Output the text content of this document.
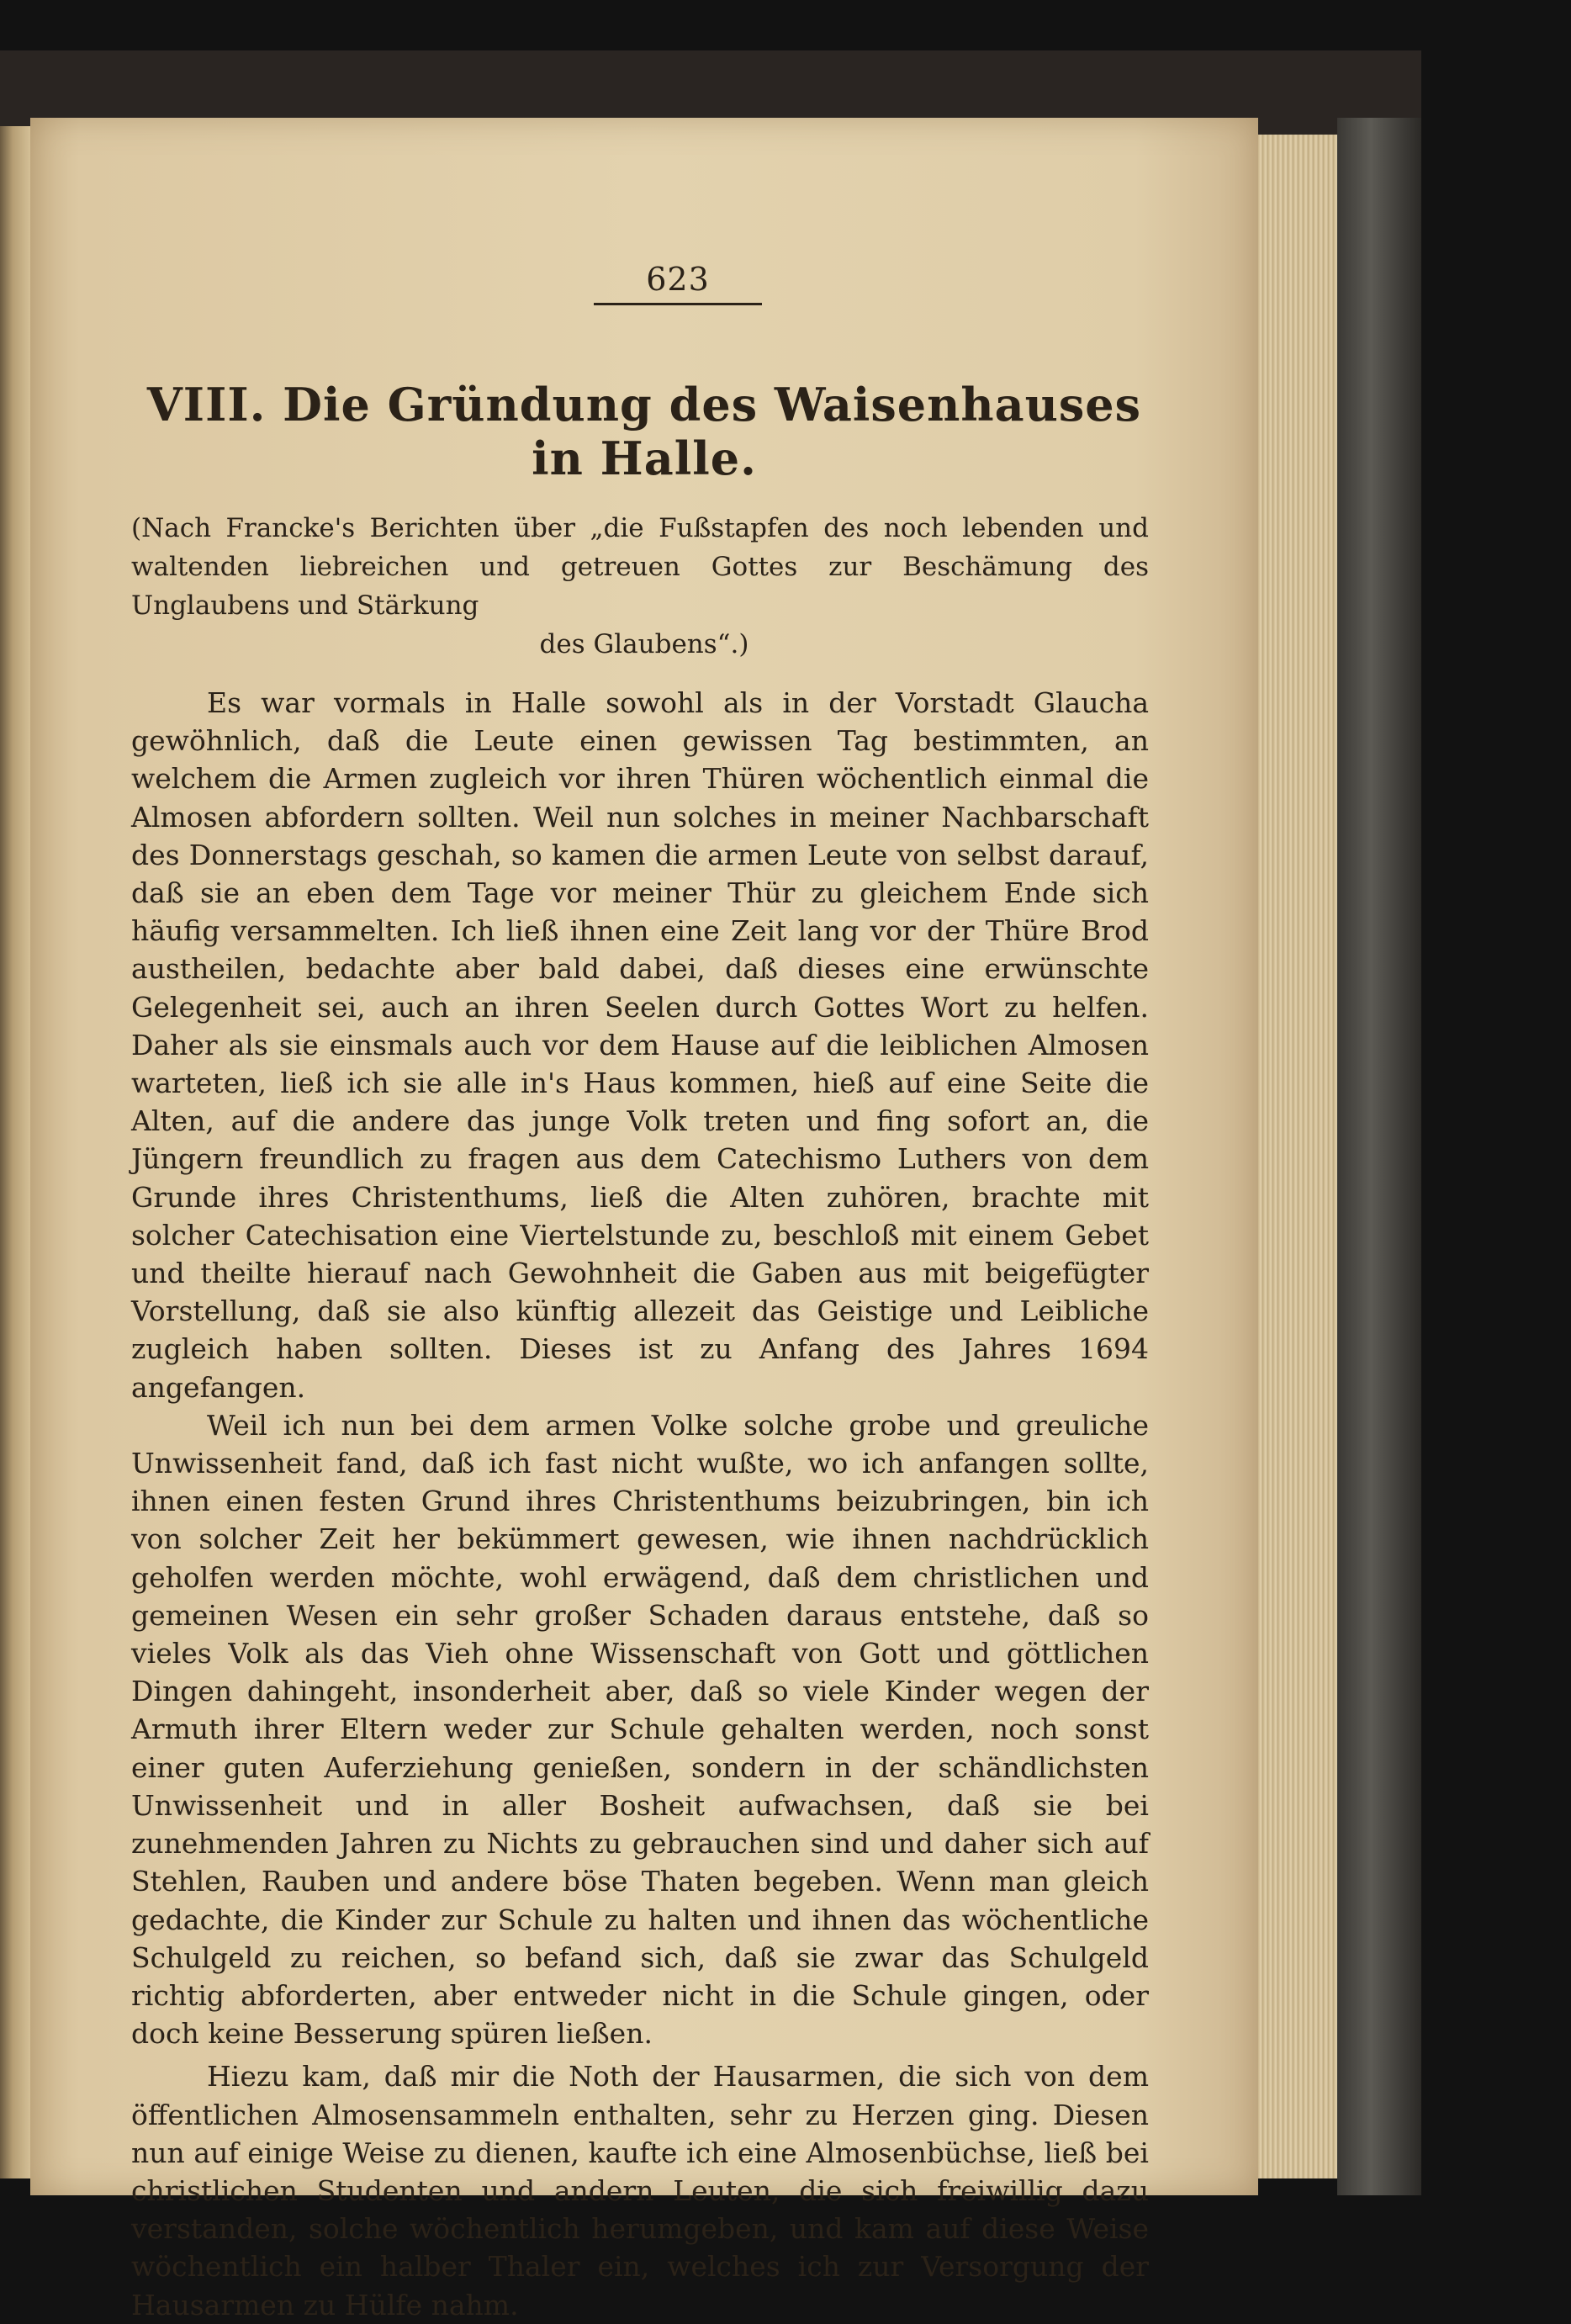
623
VIII. Die Gründung des Waisenhauses in Halle.
(Nach Francke's Berichten über „die Fußstapfen des noch lebenden und waltenden liebreichen und getreuen Gottes zur Beschämung des Unglaubens und Stärkung
des Glaubens“.)

Es war vormals in Halle sowohl als in der Vorstadt Glaucha gewöhnlich, daß die Leute einen gewissen Tag bestimmten, an welchem die Armen zugleich vor ihren Thüren wöchentlich einmal die Almosen abfordern sollten. Weil nun solches in meiner Nachbarschaft des Donnerstags geschah, so kamen die armen Leute von selbst darauf, daß sie an eben dem Tage vor meiner Thür zu gleichem Ende sich häufig versammelten. Ich ließ ihnen eine Zeit lang vor der Thüre Brod austheilen, bedachte aber bald dabei, daß dieses eine erwünschte Gelegenheit sei, auch an ihren Seelen durch Gottes Wort zu helfen. Daher als sie einsmals auch vor dem Hause auf die leiblichen Almosen warteten, ließ ich sie alle in's Haus kommen, hieß auf eine Seite die Alten, auf die andere das junge Volk treten und fing sofort an, die Jüngern freundlich zu fragen aus dem Catechismo Luthers von dem Grunde ihres Christenthums, ließ die Alten zuhören, brachte mit solcher Catechisation eine Viertelstunde zu, beschloß mit einem Gebet und theilte hierauf nach Gewohnheit die Gaben aus mit beigefügter Vorstellung, daß sie also künftig allezeit das Geistige und Leibliche zugleich haben sollten. Dieses ist zu Anfang des Jahres 1694 angefangen.

Weil ich nun bei dem armen Volke solche grobe und greuliche Unwissenheit fand, daß ich fast nicht wußte, wo ich anfangen sollte, ihnen einen festen Grund ihres Christenthums beizubringen, bin ich von solcher Zeit her bekümmert gewesen, wie ihnen nachdrücklich geholfen werden möchte, wohl erwägend, daß dem christlichen und gemeinen Wesen ein sehr großer Schaden daraus entstehe, daß so vieles Volk als das Vieh ohne Wissenschaft von Gott und göttlichen Dingen dahingeht, insonderheit aber, daß so viele Kinder wegen der Armuth ihrer Eltern weder zur Schule gehalten werden, noch sonst einer guten Auferziehung genießen, sondern in der schändlichsten Unwissenheit und in aller Bosheit aufwachsen, daß sie bei zunehmenden Jahren zu Nichts zu gebrauchen sind und daher sich auf Stehlen, Rauben und andere böse Thaten begeben. Wenn man gleich gedachte, die Kinder zur Schule zu halten und ihnen das wöchentliche Schulgeld zu reichen, so befand sich, daß sie zwar das Schulgeld richtig abforderten, aber entweder nicht in die Schule gingen, oder doch keine Besserung spüren ließen.

Hiezu kam, daß mir die Noth der Hausarmen, die sich von dem öffentlichen Almosensammeln enthalten, sehr zu Herzen ging. Diesen nun auf einige Weise zu dienen, kaufte ich eine Almosenbüchse, ließ bei christlichen Studenten und andern Leuten, die sich freiwillig dazu verstanden, solche wöchentlich herumgeben, und kam auf diese Weise wöchentlich ein halber Thaler ein, welches ich zur Versorgung der Hausarmen zu Hülfe nahm.
